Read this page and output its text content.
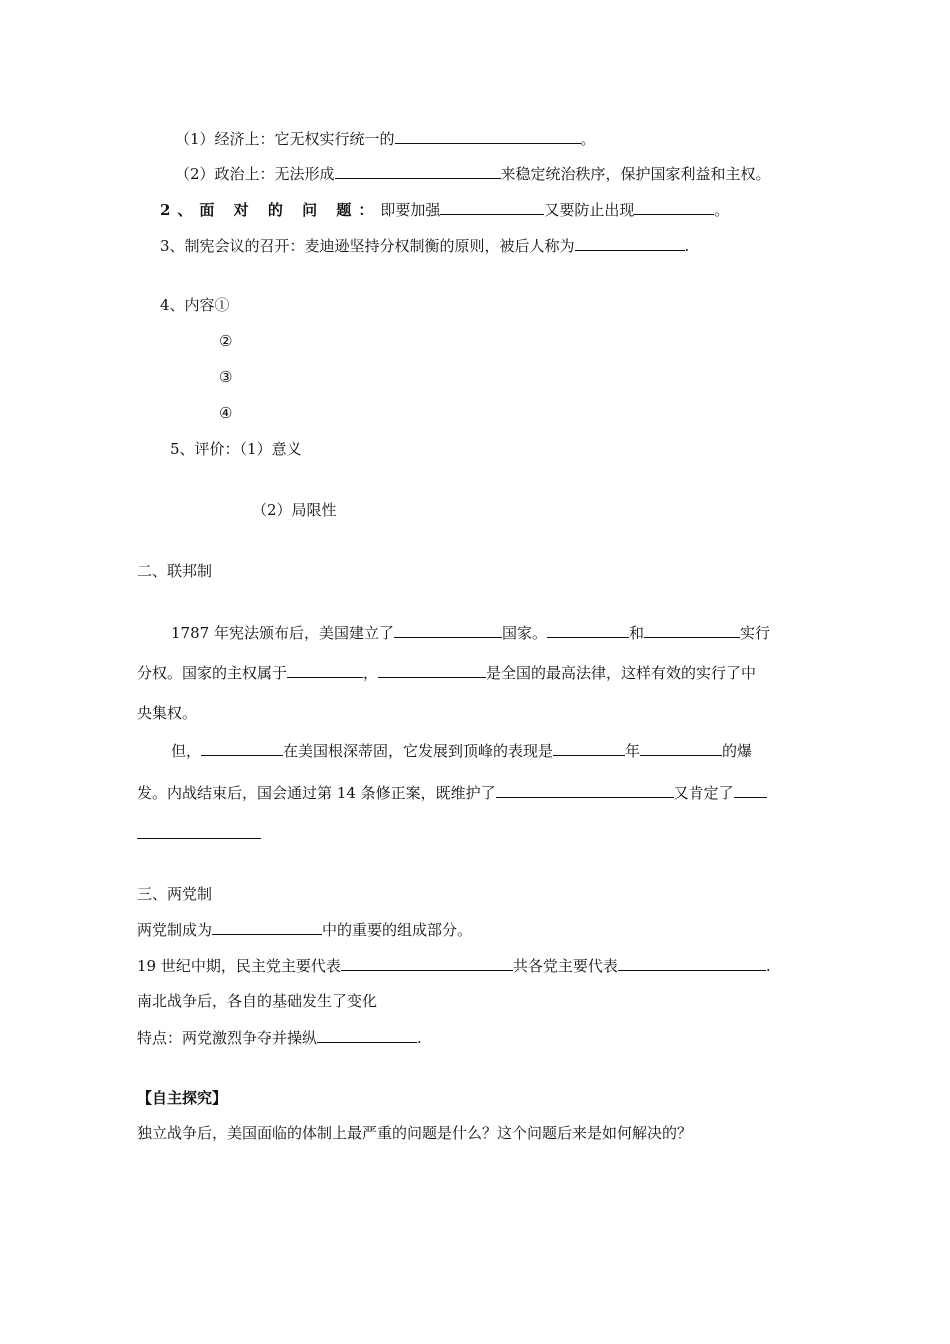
（1）经济上：它无权实行统一的	。
（2）政治上：无法形成	来稳定统治秩序，保护国家利益和主权。
2、面 对 的 问 题：即要加强	又要防止出现	。
3、制宪会议的召开：麦迪逊坚持分权制衡的原则，被后人称为	.
4、内容①
②
③
④
5、评价：（1）意义
（2）局限性
二、联邦制
1787 年宪法颁布后，美国建立了	国家。	和	实行
分权。国家的主权属于	，	是全国的最高法律，这样有效的实行了中
央集权。
但，	在美国根深蒂固，它发展到顶峰的表现是	年	的爆
发。内战结束后，国会通过第 14 条修正案，既维护了	又肯定了
三、两党制
两党制成为	中的重要的组成部分。
19 世纪中期，民主党主要代表	共各党主要代表	.
南北战争后，各自的基础发生了变化
特点：两党激烈争夺并操纵	.
【自主探究】
独立战争后，美国面临的体制上最严重的问题是什么？这个问题后来是如何解决的？
